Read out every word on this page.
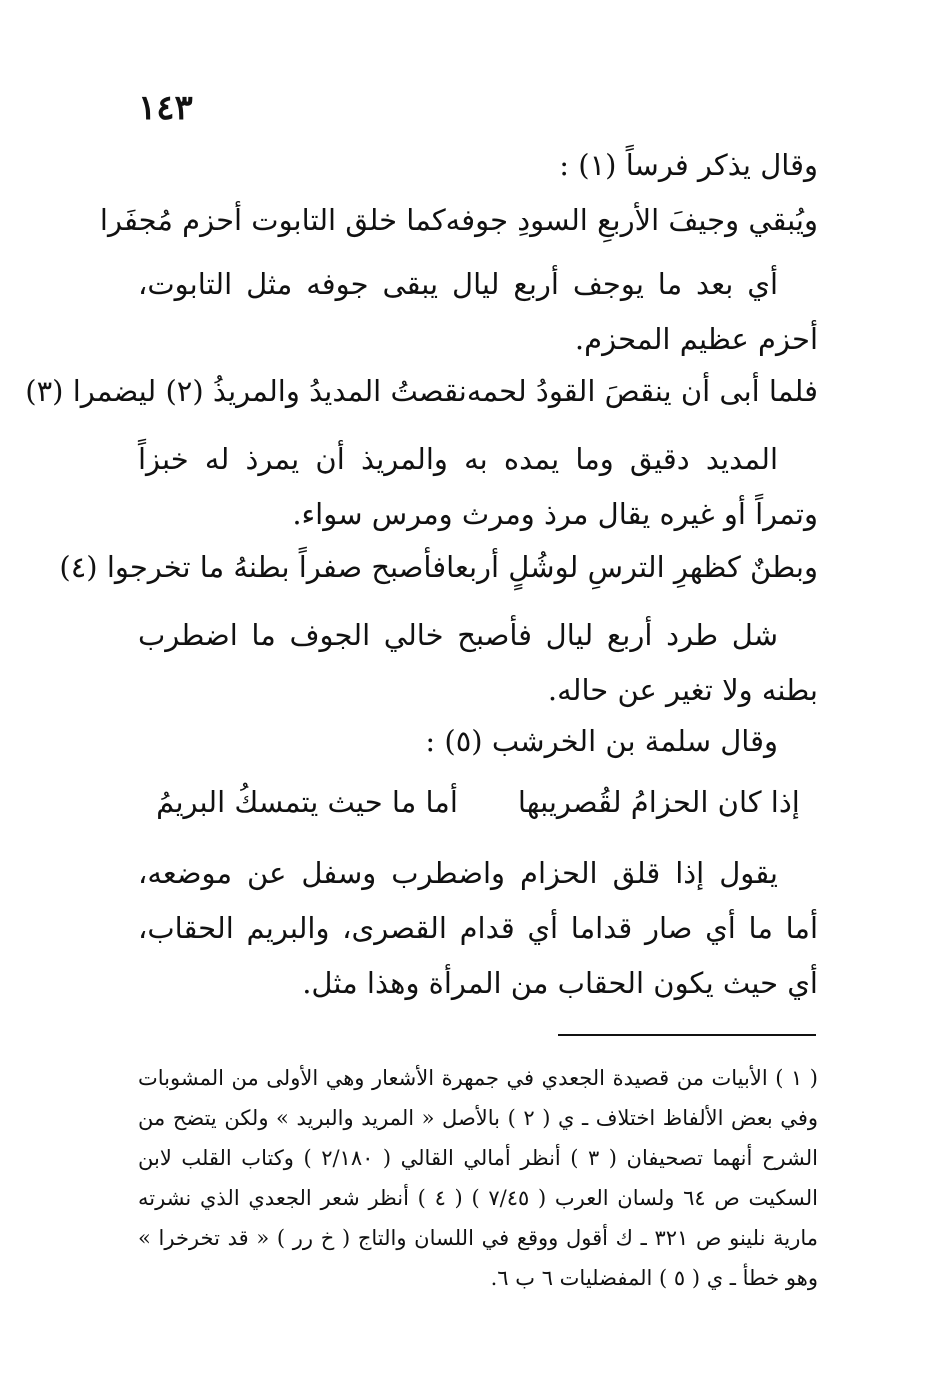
١٤٣
وقال يذكر فرساً (١) :
ويُبقي وجيفَ الأربعِ السودِ جوفه
كما خلق التابوت أحزم مُجفَرا
أي بعد ما يوجف أربع ليال يبقى جوفه مثل التابوت، أحزم عظيم المحزم.
فلما أبى أن ينقصَ القودُ لحمه
نقصتُ المديدُ والمريذُ (٢) ليضمرا (٣)
المديد دقيق وما يمده به والمريذ أن يمرذ له خبزاً وتمراً أو غيره يقال مرذ ومرث ومرس سواء.
وبطنٌ كظهرِ الترسِ لوشُلٍ أربعا
فأصبح صفراً بطنهُ ما تخرجوا (٤)
شل طرد أربع ليال فأصبح خالي الجوف ما اضطرب بطنه ولا تغير عن حاله.
وقال سلمة بن الخرشب (٥) :
إذا كان الحزامُ لقُصريبها
أما ما حيث يتمسكُ البريمُ
يقول إذا قلق الحزام واضطرب وسفل عن موضعه، أما ما أي صار قداما أي قدام القصرى، والبريم الحقاب، أي حيث يكون الحقاب من المرأة وهذا مثل.
( ١ ) الأبيات من قصيدة الجعدي في جمهرة الأشعار وهي الأولى من المشوبات وفي بعض الألفاظ اختلاف ـ ي ( ٢ ) بالأصل « المريد والبريد » ولكن يتضح من الشرح أنهما تصحيفان ( ٣ ) أنظر أمالي القالي ( ٢/١٨٠ ) وكتاب القلب لابن السكيت ص ٦٤ ولسان العرب ( ٧/٤٥ ) ( ٤ ) أنظر شعر الجعدي الذي نشرته مارية نلينو ص ٣٢١ ـ ك أقول ووقع في اللسان والتاج ( خ رر ) « قد تخرخرا » وهو خطأ ـ ي ( ٥ ) المفضليات ٦ ب ٦.
